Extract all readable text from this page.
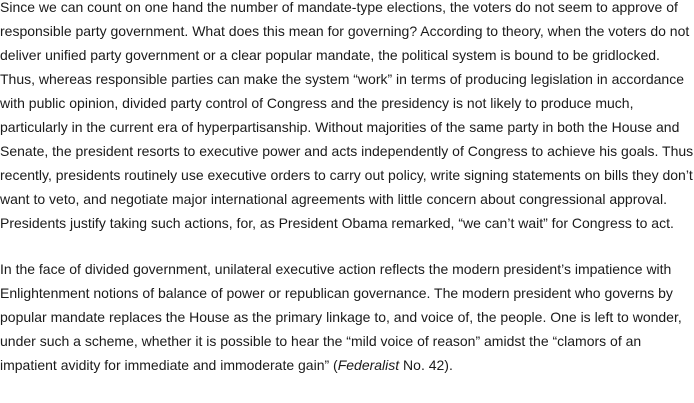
Since we can count on one hand the number of mandate-type elections, the voters do not seem to approve of
responsible party government. What does this mean for governing? According to theory, when the voters do not
deliver unified party government or a clear popular mandate, the political system is bound to be gridlocked.
Thus, whereas responsible parties can make the system “work” in terms of producing legislation in accordance
with public opinion, divided party control of Congress and the presidency is not likely to produce much,
particularly in the current era of hyperpartisanship. Without majorities of the same party in both the House and
Senate, the president resorts to executive power and acts independently of Congress to achieve his goals. Thus
recently, presidents routinely use executive orders to carry out policy, write signing statements on bills they don’t
want to veto, and negotiate major international agreements with little concern about congressional approval.
Presidents justify taking such actions, for, as President Obama remarked, “we can’t wait” for Congress to act.

In the face of divided government, unilateral executive action reflects the modern president’s impatience with
Enlightenment notions of balance of power or republican governance. The modern president who governs by
popular mandate replaces the House as the primary linkage to, and voice of, the people. One is left to wonder,
under such a scheme, whether it is possible to hear the “mild voice of reason” amidst the “clamors of an
impatient avidity for immediate and immoderate gain” (Federalist No. 42).
